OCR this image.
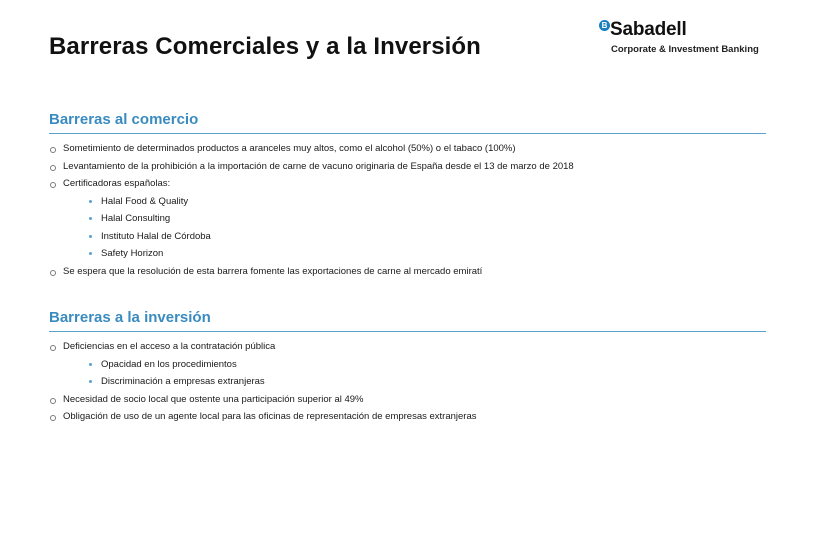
Barreras Comerciales y a la Inversión
B Sabadell
Corporate & Investment Banking
Barreras al comercio
Sometimiento de determinados productos a aranceles muy altos, como el alcohol (50%) o el tabaco (100%)
Levantamiento de la prohibición a la importación de carne de vacuno originaria de España desde el 13 de marzo de 2018
Certificadoras españolas:
Halal Food & Quality
Halal Consulting
Instituto Halal de Córdoba
Safety Horizon
Se espera que la resolución de esta barrera fomente las exportaciones de carne al mercado emiratí
Barreras a la inversión
Deficiencias en el acceso a la contratación pública
Opacidad en los procedimientos
Discriminación a empresas extranjeras
Necesidad de socio local que ostente una participación superior al 49%
Obligación de uso de un agente local para las oficinas de representación de empresas extranjeras
